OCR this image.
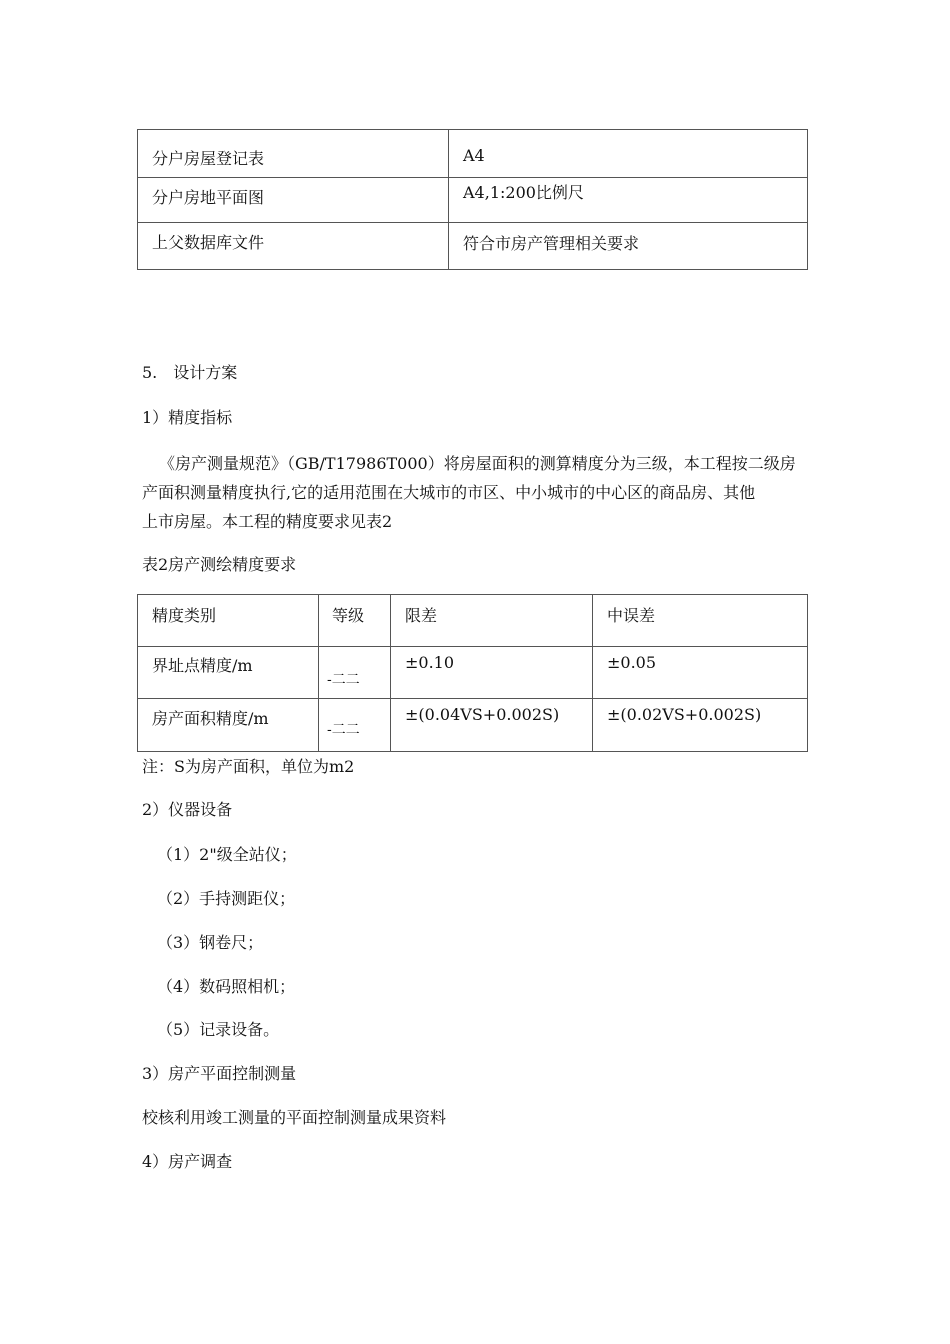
分户房屋登记表	A4

分户房地平面图	A4,1:200比例尺

上父数据库文件	符合市房产管理相关要求
5.　设计方案
1）精度指标
《房产测量规范》（GB/T17986T000）将房屋面积的测算精度分为三级，本工程按二级房
产面积测量精度执行,它的适用范围在大城市的市区、中小城市的中心区的商品房、其他
上市房屋。本工程的精度要求见表2
表2房产测绘精度要求
精度类别	等级	限差	中误差

界址点精度/m	-二二	±0.10	±0.05

房产面积精度/m	-二二	±(0.04VS+0.002S)	±(0.02VS+0.002S)
注：S为房产面积，单位为m2
2）仪器设备
（1）2"级全站仪；
（2）手持测距仪；
（3）钢卷尺；
（4）数码照相机；
（5）记录设备。
3）房产平面控制测量
校核利用竣工测量的平面控制测量成果资料
4）房产调查
